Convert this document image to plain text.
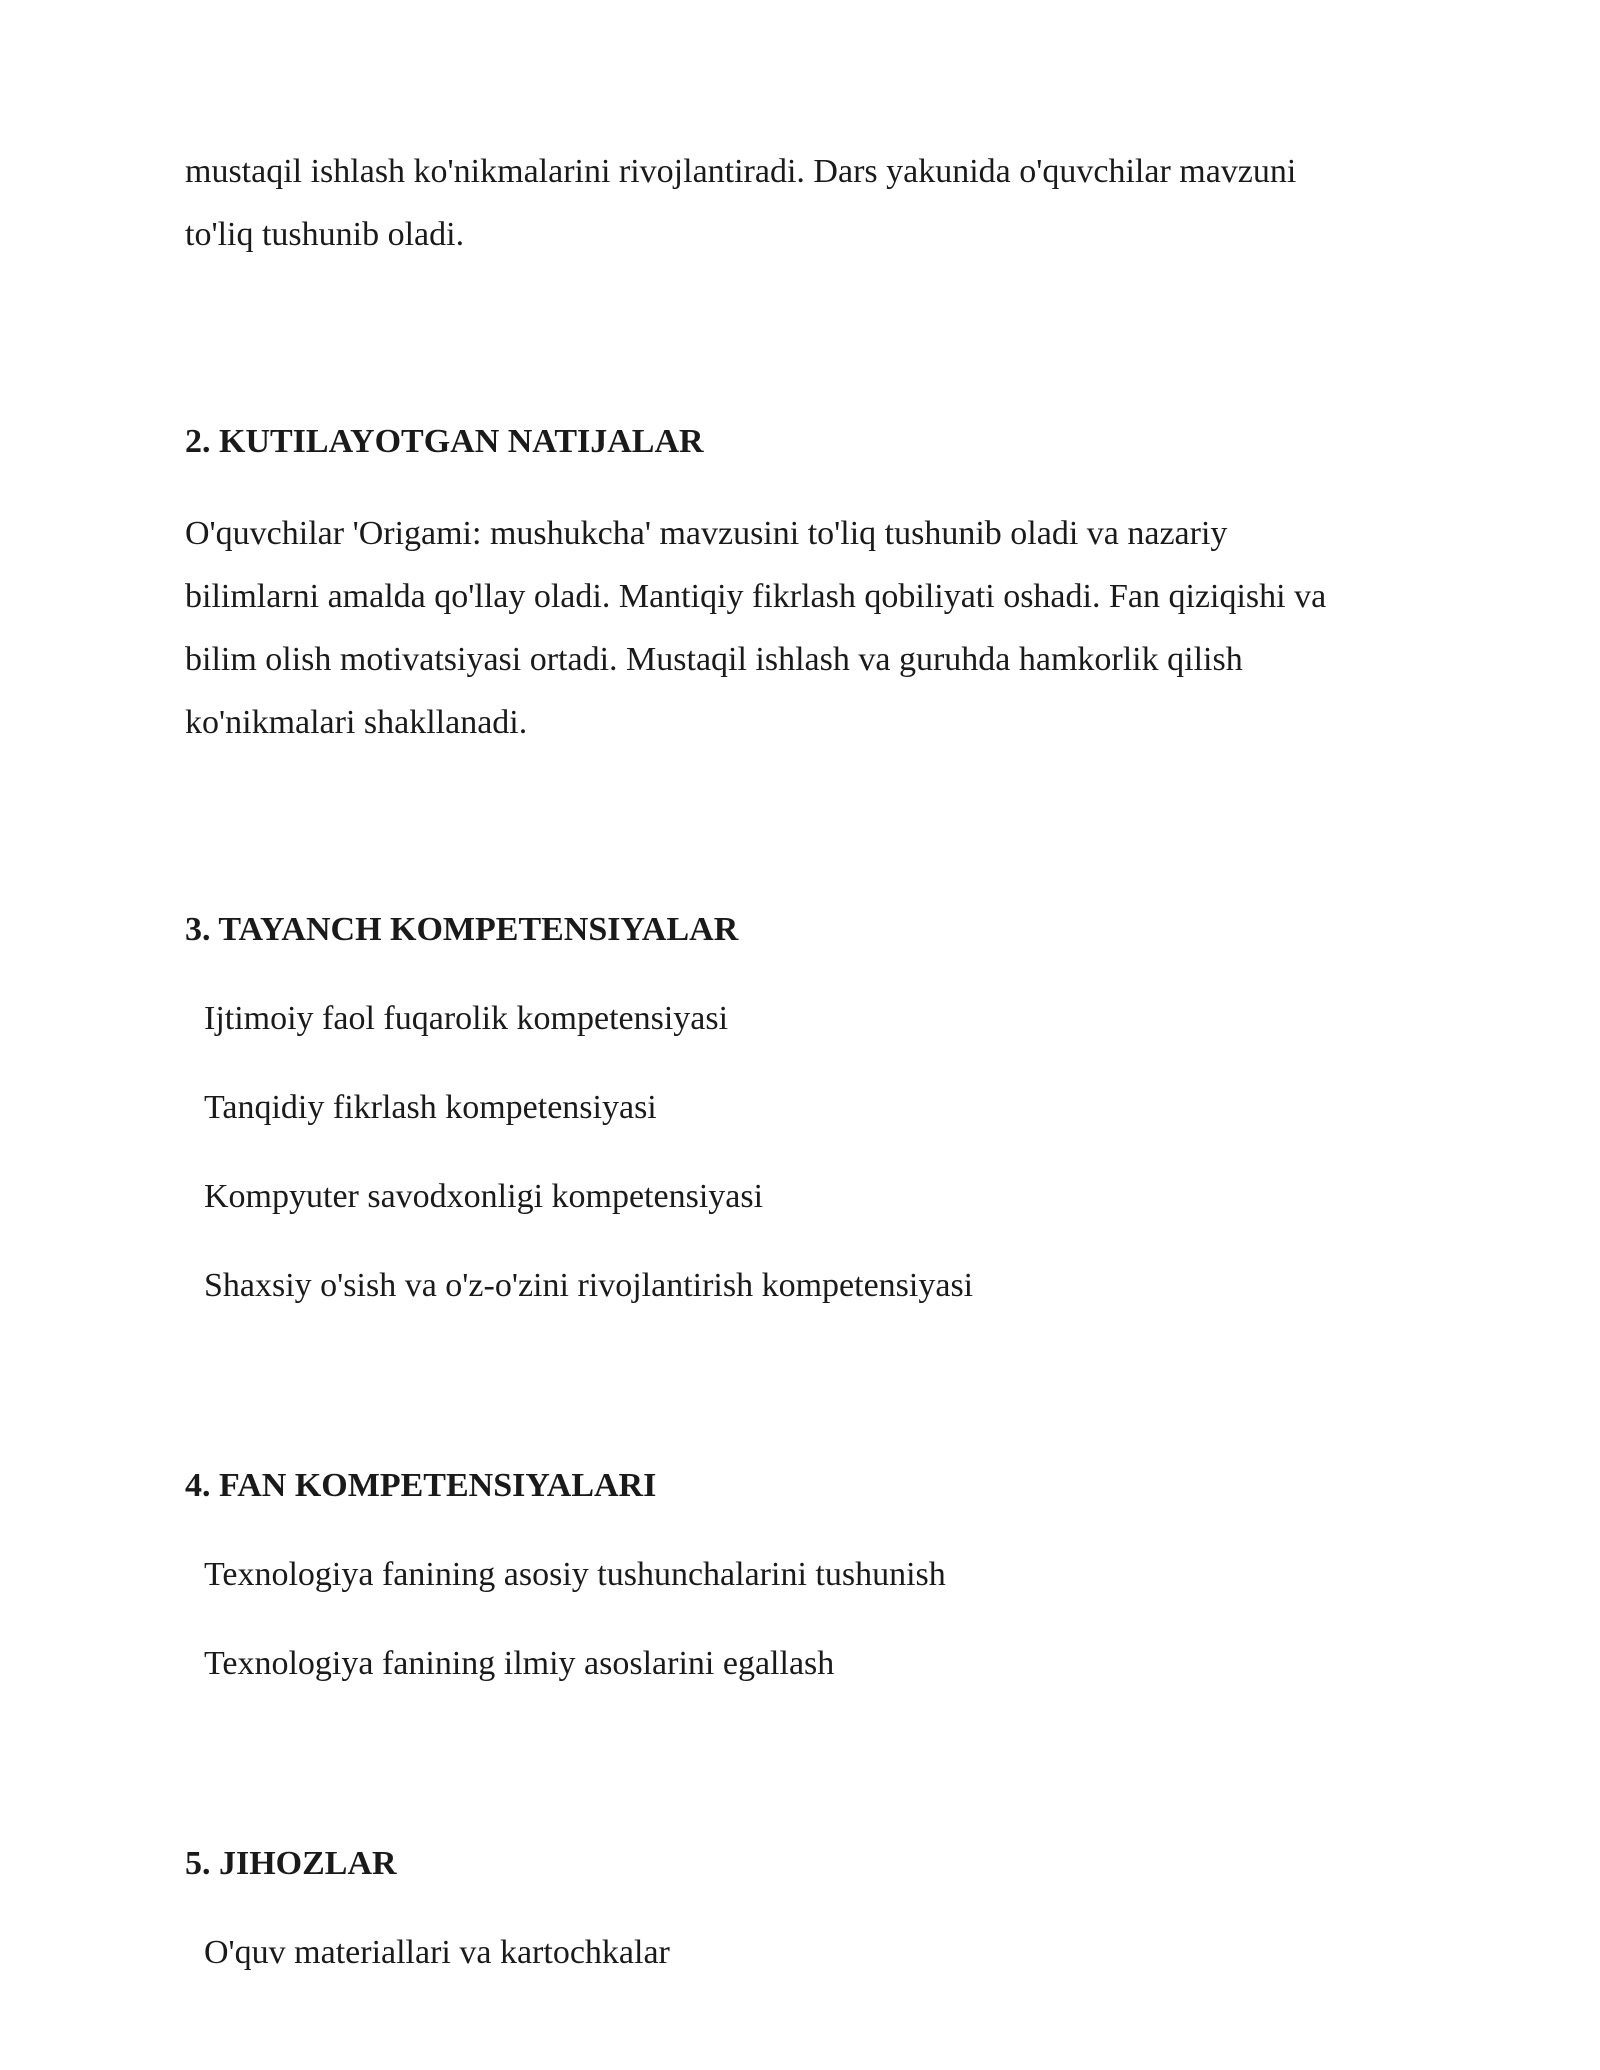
mustaqil ishlash ko'nikmalarini rivojlantiradi. Dars yakunida o'quvchilar mavzuni

to'liq tushunib oladi.

2. KUTILAYOTGAN NATIJALAR

O'quvchilar 'Origami: mushukcha' mavzusini to'liq tushunib oladi va nazariy

bilimlarni amalda qo'llay oladi. Mantiqiy fikrlash qobiliyati oshadi. Fan qiziqishi va

bilim olish motivatsiyasi ortadi. Mustaqil ishlash va guruhda hamkorlik qilish

ko'nikmalari shakllanadi.

3. TAYANCH KOMPETENSIYALAR

Ijtimoiy faol fuqarolik kompetensiyasi

Tanqidiy fikrlash kompetensiyasi

Kompyuter savodxonligi kompetensiyasi

Shaxsiy o'sish va o'z-o'zini rivojlantirish kompetensiyasi

4. FAN KOMPETENSIYALARI

Texnologiya fanining asosiy tushunchalarini tushunish

Texnologiya fanining ilmiy asoslarini egallash

5. JIHOZLAR

O'quv materiallari va kartochkalar
